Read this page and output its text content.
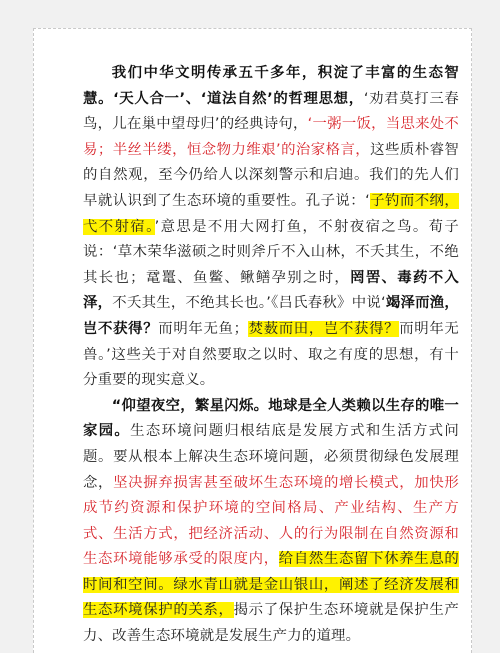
我们中华文明传承五千多年，积淀了丰富的生态智慧。‘天人合一’、‘道法自然’的哲理思想，‘劝君莫打三春鸟，儿在巢中望母归’的经典诗句，‘一粥一饭，当思来处不易；半丝半缕，恒念物力维艰’的治家格言，这些质朴睿智的自然观，至今仍给人以深刻警示和启迪。我们的先人们早就认识到了生态环境的重要性。孔子说：‘子钓而不纲，弋不射宿。’意思是不用大网打鱼，不射夜宿之鸟。荀子说：‘草木荣华滋硕之时则斧斤不入山林，不夭其生，不绝其长也；鼋鼍、鱼鳖、鳅鳝孕别之时，罔罟、毒药不入泽，不夭其生，不绝其长也。’《吕氏春秋》中说‘竭泽而渔，岂不获得？而明年无鱼；焚薮而田，岂不获得？而明年无兽。’这些关于对自然要取之以时、取之有度的思想，有十分重要的现实意义。

“仰望夜空，繁星闪烁。地球是全人类赖以生存的唯一家园。生态环境问题归根结底是发展方式和生活方式问题。要从根本上解决生态环境问题，必须贯彻绿色发展理念，坚决摒弃损害甚至破坏生态环境的增长模式，加快形成节约资源和保护环境的空间格局、产业结构、生产方式、生活方式，把经济活动、人的行为限制在自然资源和生态环境能够承受的限度内，给自然生态留下休养生息的时间和空间。绿水青山就是金山银山，阐述了经济发展和生态环境保护的关系，揭示了保护生态环境就是保护生产力、改善生态环境就是发展生产力的道理。
